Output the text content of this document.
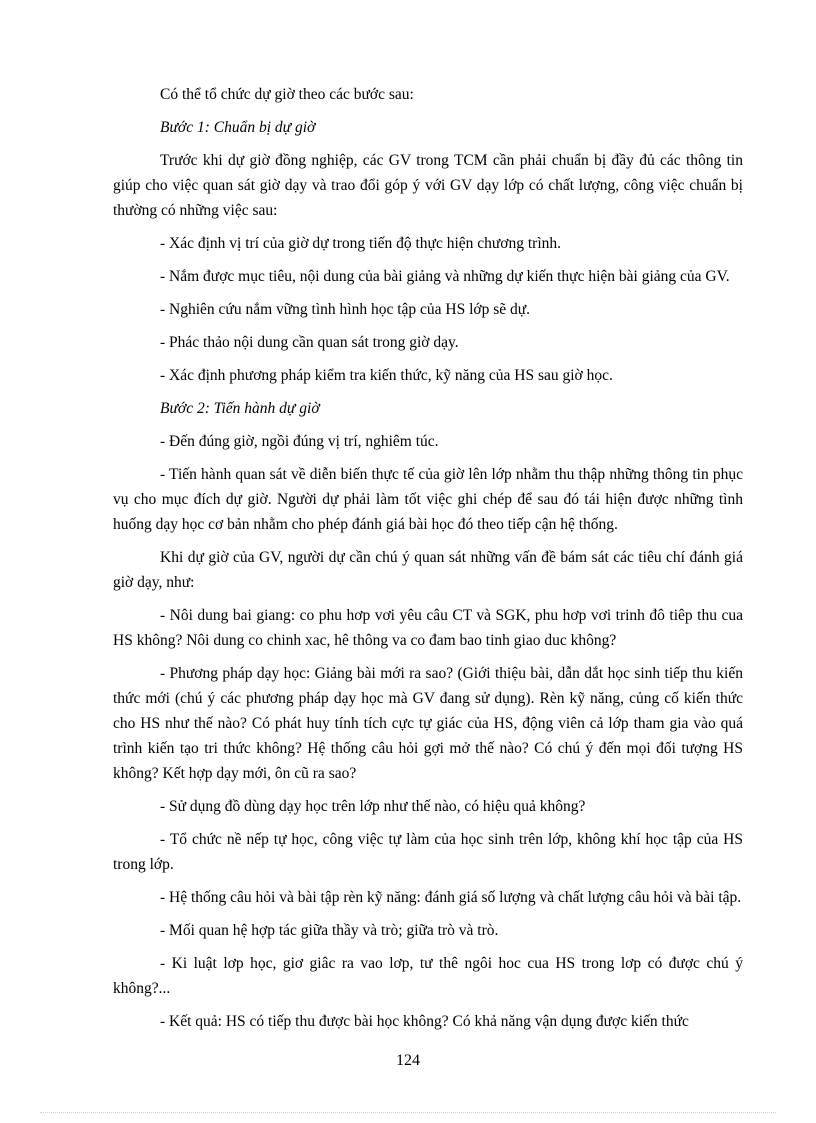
Có thể tổ chức dự giờ theo các bước sau:

Bước 1: Chuẩn bị dự giờ

Trước khi dự giờ đồng nghiệp, các GV trong TCM cần phải chuẩn bị đầy đủ các thông tin giúp cho việc quan sát giờ dạy và trao đổi góp ý với GV dạy lớp có chất lượng, công việc chuẩn bị thường có những việc sau:

- Xác định vị trí của giờ dự trong tiến độ thực hiện chương trình.

- Nắm được mục tiêu, nội dung của bài giảng và những dự kiến thực hiện bài giảng của GV.

- Nghiên cứu nắm vững tình hình học tập của HS lớp sẽ dự.

- Phác thảo nội dung cần quan sát trong giờ dạy.

- Xác định phương pháp kiểm tra kiến thức, kỹ năng của HS sau giờ học.

Bước 2: Tiến hành dự giờ

- Đến đúng giờ, ngồi đúng vị trí, nghiêm túc.

- Tiến hành quan sát về diễn biến thực tế của giờ lên lớp nhằm thu thập những thông tin phục vụ cho mục đích dự giờ. Người dự phải làm tốt việc ghi chép để sau đó tái hiện được những tình huống dạy học cơ bản nhằm cho phép đánh giá bài học đó theo tiếp cận hệ thống.

Khi dự giờ của GV, người dự cần chú ý quan sát những vấn đề bám sát các tiêu chí đánh giá giờ dạy, như:

- Nôi dung bai giang: co phu hơp vơi yêu câu CT và SGK, phu hơp vơi trinh đô tiêp thu cua HS không? Nôi dung co chinh xac, hê thông va co đam bao tinh giao duc không?

- Phương pháp dạy học: Giảng bài mới ra sao? (Giới thiệu bài, dẫn dắt học sinh tiếp thu kiến thức mới (chú ý các phương pháp dạy học mà GV đang sử dụng). Rèn kỹ năng, củng cố kiến thức cho HS như thế nào? Có phát huy tính tích cực tự giác của HS, động viên cả lớp tham gia vào quá trình kiến tạo tri thức không? Hệ thống câu hỏi gợi mở thế nào? Có chú ý đến mọi đối tượng HS không? Kết hợp dạy mới, ôn cũ ra sao?

- Sử dụng đồ dùng dạy học trên lớp như thế nào, có hiệu quả không?

- Tổ chức nề nếp tự học, công việc tự làm của học sinh trên lớp, không khí học tập của HS trong lớp.

- Hệ thống câu hỏi và bài tập rèn kỹ năng: đánh giá số lượng và chất lượng câu hỏi và bài tập.

- Mối quan hệ hợp tác giữa thầy và trò; giữa trò và trò.

- Ki luật lơp học, giơ giâc ra vao lơp, tư thê ngôi hoc cua HS trong lơp có được chú ý không?...

- Kết quả: HS có tiếp thu được bài học không? Có khả năng vận dụng được kiến thức

124
